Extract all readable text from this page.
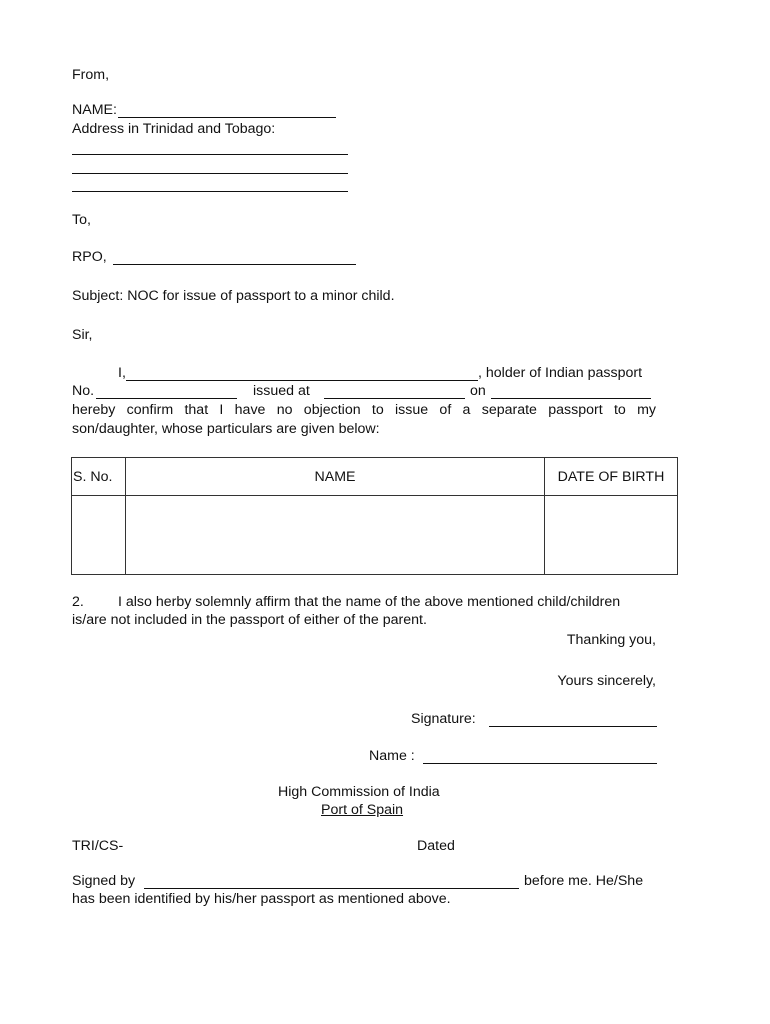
From,
NAME:
Address in Trinidad and Tobago:
To,
RPO,
Subject: NOC for issue of passport to a minor child.
Sir,
I,	, holder of Indian passport
No.	issued at	on
hereby confirm that I have no objection to issue of a separate passport to my
son/daughter, whose particulars are given below:
S. No.	NAME	DATE OF BIRTH

2. I also herby solemnly affirm that the name of the above mentioned child/children
is/are not included in the passport of either of the parent.
Thanking you,
Yours sincerely,
Signature:
Name :
High Commission of India
Port of Spain
TRI/CS-	Dated
Signed by	before me. He/She
has been identified by his/her passport as mentioned above.
